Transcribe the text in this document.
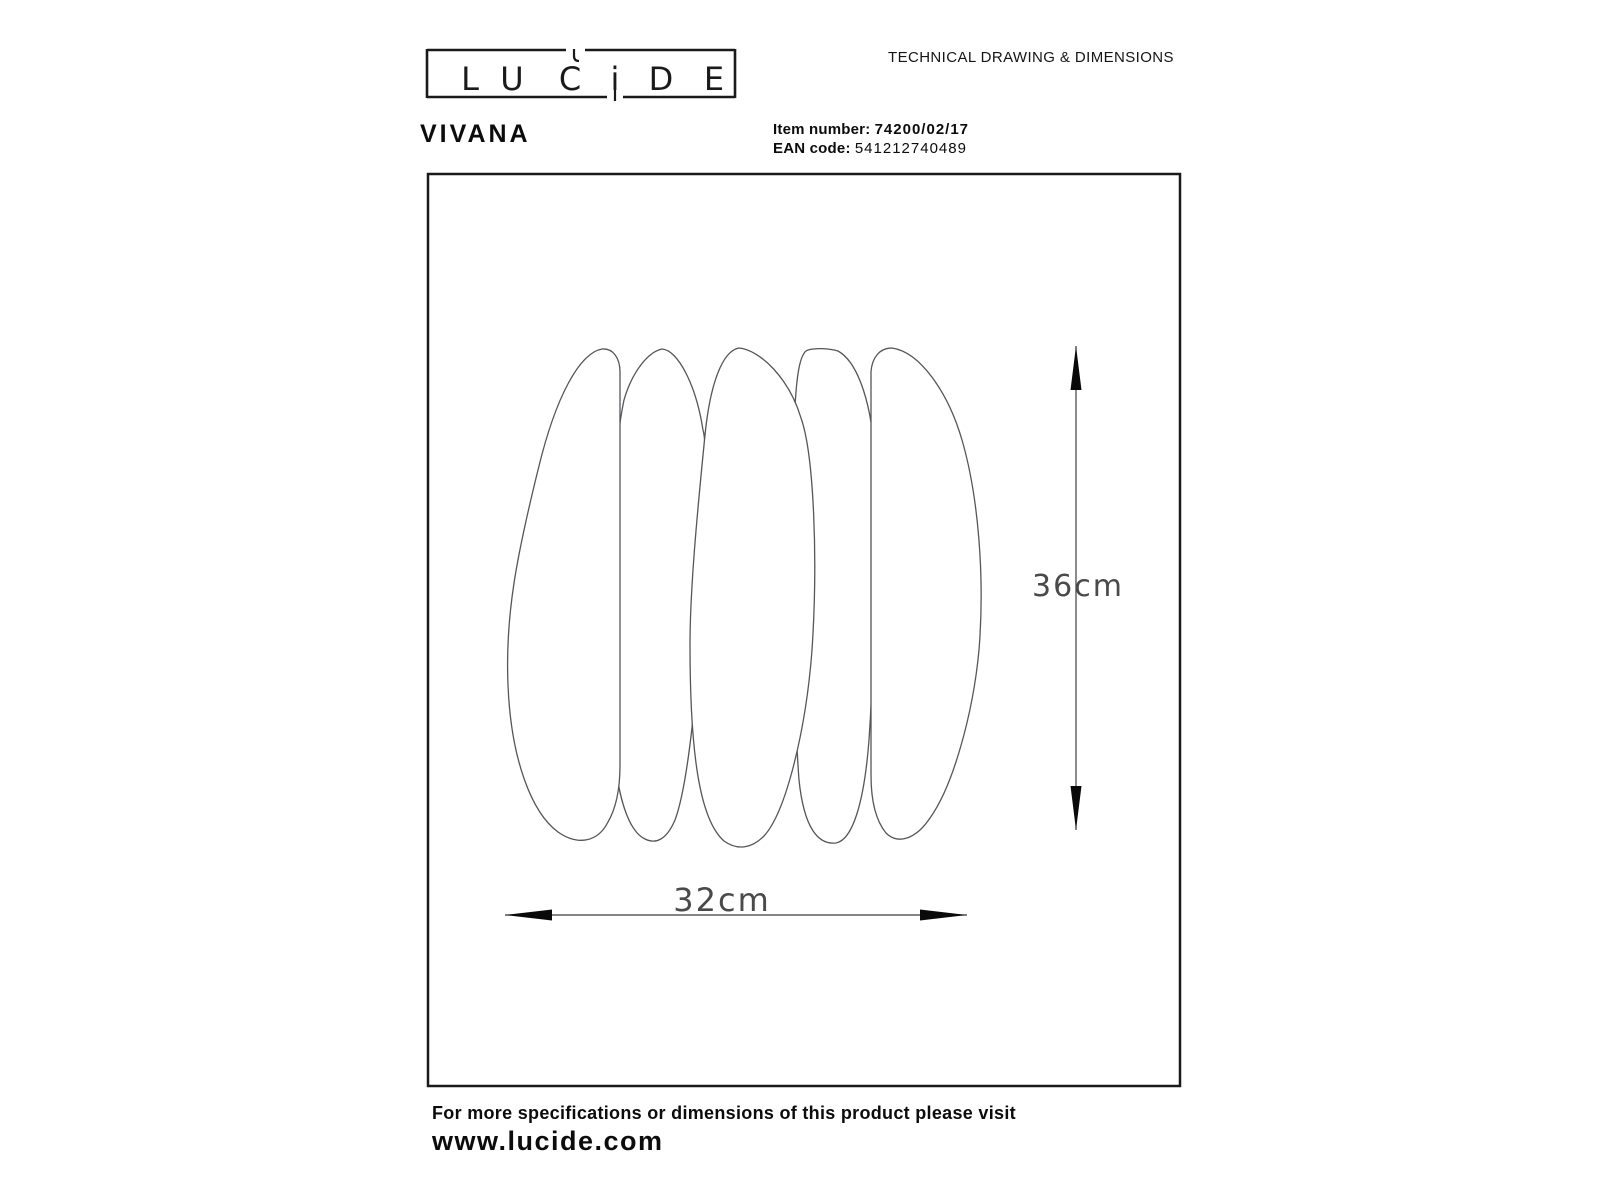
L U C i D E
TECHNICAL DRAWING & DIMENSIONS
VIVANA	Item number: 74200/02/17
EAN code: 541212740489
36cm
32cm
For more specifications or dimensions of this product please visit
www.lucide.com
